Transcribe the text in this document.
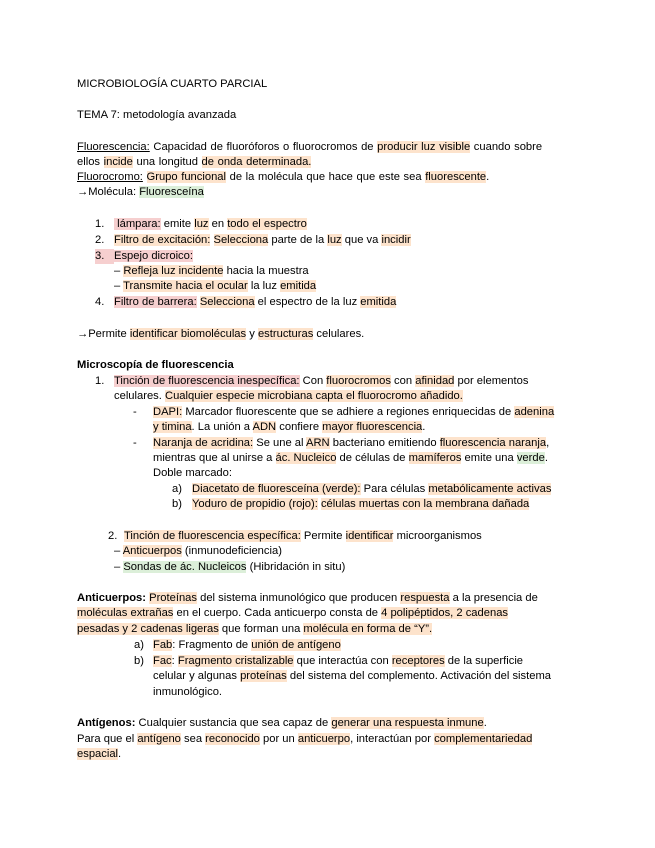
MICROBIOLOGÍA CUARTO PARCIAL
TEMA 7: metodología avanzada
Fluorescencia: Capacidad de fluoróforos o fluorocromos de producir luz visible cuando sobre
ellos incide una longitud de onda determinada.
Fluorocromo: Grupo funcional de la molécula que hace que este sea fluorescente.
→Molécula: Fluoresceína
1. lámpara: emite luz en todo el espectro
2. Filtro de excitación: Selecciona parte de la luz que va incidir
3. Espejo dicroico:
– Refleja luz incidente hacia la muestra
– Transmite hacia el ocular la luz emitida
4. Filtro de barrera: Selecciona el espectro de la luz emitida
→Permite identificar biomoléculas y estructuras celulares.
Microscopía de fluorescencia
1. Tinción de fluorescencia inespecífica: Con fluorocromos con afinidad por elementos
celulares. Cualquier especie microbiana capta el fluorocromo añadido.
- DAPI: Marcador fluorescente que se adhiere a regiones enriquecidas de adenina
y timina. La unión a ADN confiere mayor fluorescencia.
- Naranja de acridina: Se une al ARN bacteriano emitiendo fluorescencia naranja,
mientras que al unirse a ác. Nucleico de células de mamíferos emite una verde.
Doble marcado:
a) Diacetato de fluoresceína (verde): Para células metabólicamente activas
b) Yoduro de propidio (rojo): células muertas con la membrana dañada
2. Tinción de fluorescencia específica: Permite identificar microorganismos
– Anticuerpos (inmunodeficiencia)
– Sondas de ác. Nucleicos (Hibridación in situ)
Anticuerpos: Proteínas del sistema inmunológico que producen respuesta a la presencia de
moléculas extrañas en el cuerpo. Cada anticuerpo consta de 4 polipéptidos, 2 cadenas
pesadas y 2 cadenas ligeras que forman una molécula en forma de “Y”.
a) Fab: Fragmento de unión de antígeno
b) Fac: Fragmento cristalizable que interactúa con receptores de la superficie
celular y algunas proteínas del sistema del complemento. Activación del sistema
inmunológico.
Antígenos: Cualquier sustancia que sea capaz de generar una respuesta inmune.
Para que el antígeno sea reconocido por un anticuerpo, interactúan por complementariedad
espacial.
